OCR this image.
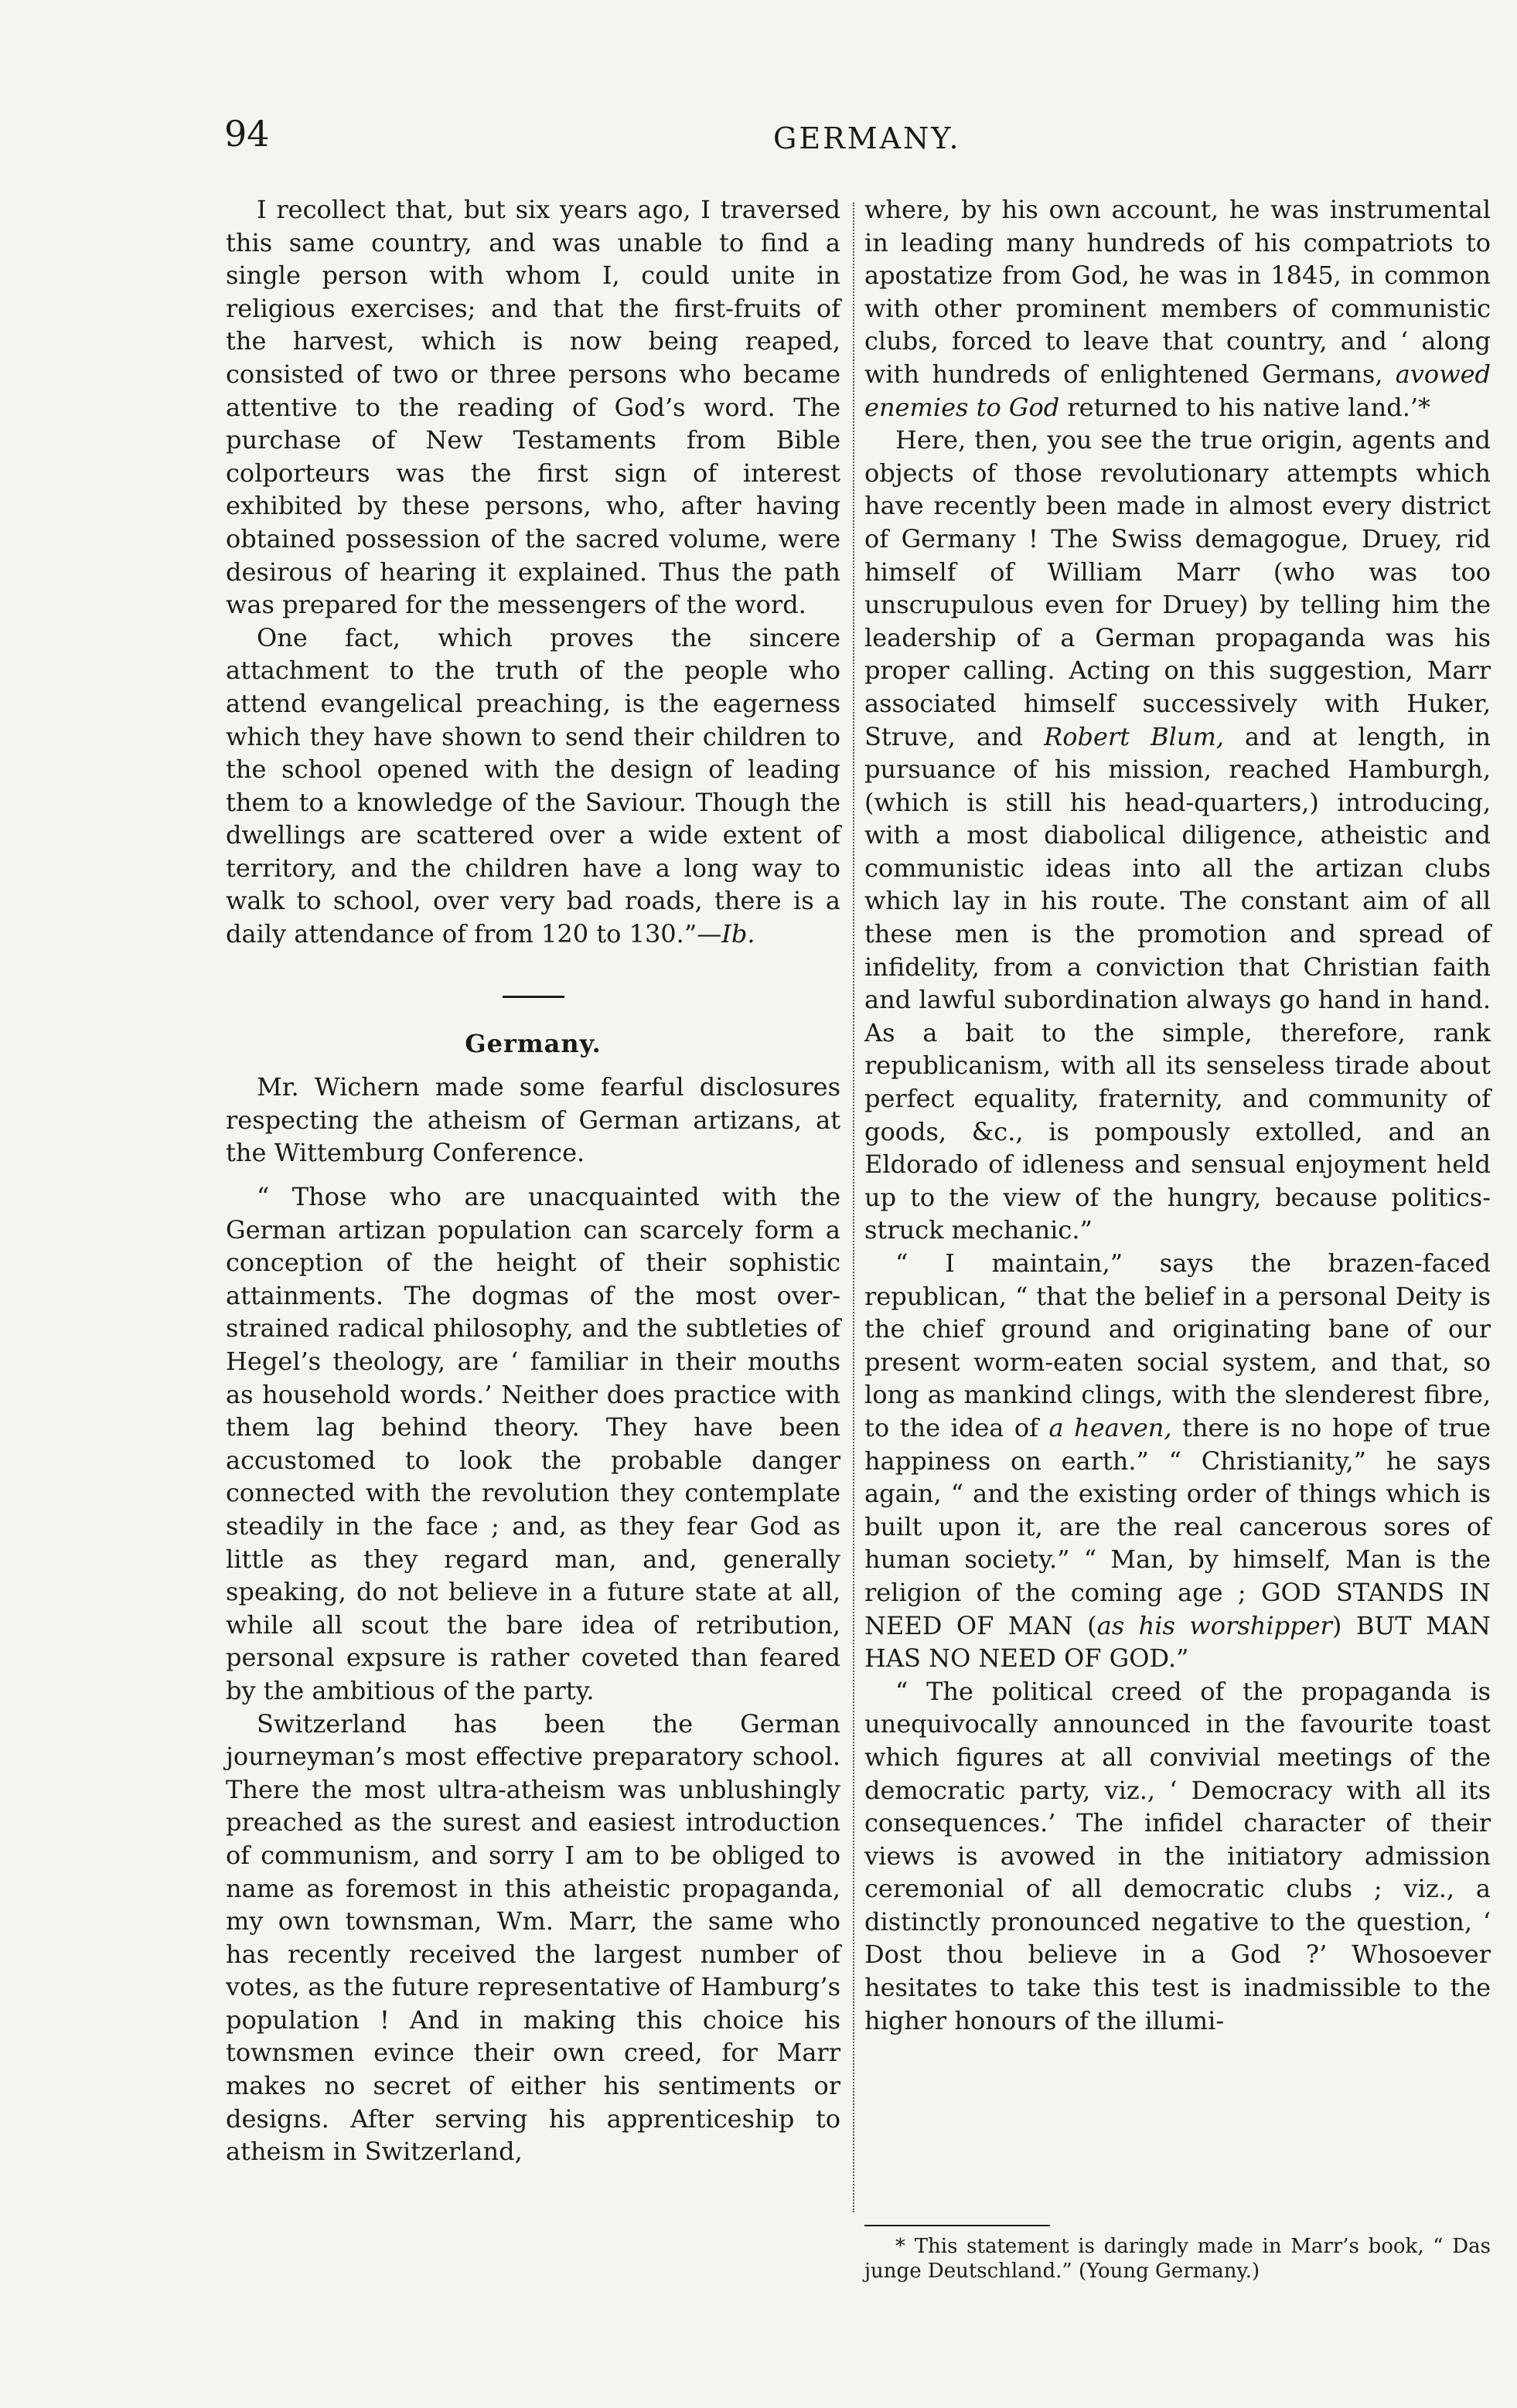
94	GERMANY.

I recollect that, but six years ago, I traversed this same country, and was unable to find a single person with whom I, could unite in religious exercises; and that the first-fruits of the harvest, which is now being reaped, consisted of two or three persons who became attentive to the reading of God’s word. The purchase of New Testaments from Bible colporteurs was the first sign of interest exhibited by these persons, who, after having obtained possession of the sacred volume, were desirous of hearing it explained. Thus the path was prepared for the messengers of the word.

One fact, which proves the sincere attachment to the truth of the people who attend evangelical preaching, is the eagerness which they have shown to send their children to the school opened with the design of leading them to a knowledge of the Saviour. Though the dwellings are scattered over a wide extent of territory, and the children have a long way to walk to school, over very bad roads, there is a daily attendance of from 120 to 130.”—Ib.

Germany.

Mr. Wichern made some fearful disclosures respecting the atheism of German artizans, at the Wittemburg Conference.

“ Those who are unacquainted with the German artizan population can scarcely form a conception of the height of their sophistic attainments. The dogmas of the most over-strained radical philosophy, and the subtleties of Hegel’s theology, are ‘ familiar in their mouths as household words.’ Neither does practice with them lag behind theory. They have been accustomed to look the probable danger connected with the revolution they contemplate steadily in the face ; and, as they fear God as little as they regard man, and, generally speaking, do not believe in a future state at all, while all scout the bare idea of retribution, personal expsure is rather coveted than feared by the ambitious of the party.

Switzerland has been the German journeyman’s most effective preparatory school. There the most ultra-atheism was unblushingly preached as the surest and easiest introduction of communism, and sorry I am to be obliged to name as foremost in this atheistic propaganda, my own townsman, Wm. Marr, the same who has recently received the largest number of votes, as the future representative of Hamburg’s population ! And in making this choice his townsmen evince their own creed, for Marr makes no secret of either his sentiments or designs. After serving his apprenticeship to atheism in Switzerland,

where, by his own account, he was instrumental in leading many hundreds of his compatriots to apostatize from God, he was in 1845, in common with other prominent members of communistic clubs, forced to leave that country, and ‘ along with hundreds of enlightened Germans, avowed enemies to God returned to his native land.’*

Here, then, you see the true origin, agents and objects of those revolutionary attempts which have recently been made in almost every district of Germany ! The Swiss demagogue, Druey, rid himself of William Marr (who was too unscrupulous even for Druey) by telling him the leadership of a German propaganda was his proper calling. Acting on this suggestion, Marr associated himself successively with Huker, Struve, and Robert Blum, and at length, in pursuance of his mission, reached Hamburgh, (which is still his head-quarters,) introducing, with a most diabolical diligence, atheistic and communistic ideas into all the artizan clubs which lay in his route. The constant aim of all these men is the promotion and spread of infidelity, from a conviction that Christian faith and lawful subordination always go hand in hand. As a bait to the simple, therefore, rank republicanism, with all its senseless tirade about perfect equality, fraternity, and community of goods, &c., is pompously extolled, and an Eldorado of idleness and sensual enjoyment held up to the view of the hungry, because politics-struck mechanic.”

“ I maintain,” says the brazen-faced republican, “ that the belief in a personal Deity is the chief ground and originating bane of our present worm-eaten social system, and that, so long as mankind clings, with the slenderest fibre, to the idea of a heaven, there is no hope of true happiness on earth.” “ Christianity,” he says again, “ and the existing order of things which is built upon it, are the real cancerous sores of human society.” “ Man, by himself, Man is the religion of the coming age ; GOD STANDS IN NEED OF MAN (as his worshipper) BUT MAN HAS NO NEED OF GOD.”

“ The political creed of the propaganda is unequivocally announced in the favourite toast which figures at all convivial meetings of the democratic party, viz., ‘ Democracy with all its consequences.’ The infidel character of their views is avowed in the initiatory admission ceremonial of all democratic clubs ; viz., a distinctly pronounced negative to the question, ‘ Dost thou believe in a God ?’ Whosoever hesitates to take this test is inadmissible to the higher honours of the illumi-

* This statement is daringly made in Marr’s book, “ Das junge Deutschland.” (Young Germany.)
